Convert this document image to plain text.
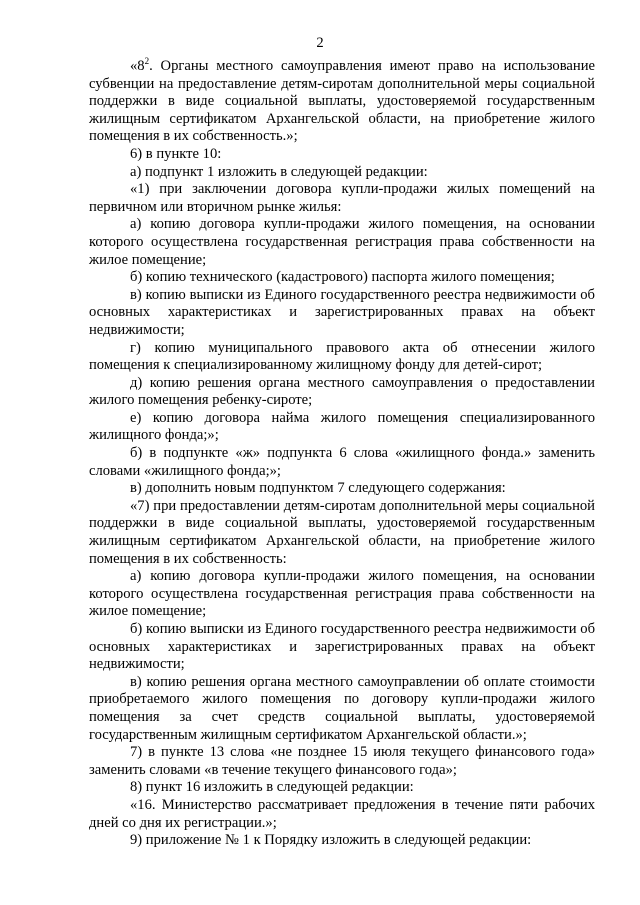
2

«$8^2$. Органы местного самоуправления имеют право на использование субвенции на предоставление детям-сиротам дополнительной меры социальной поддержки в виде социальной выплаты, удостоверяемой государственным жилищным сертификатом Архангельской области, на приобретение жилого помещения в их собственность.»;

6) в пункте 10:

а) подпункт 1 изложить в следующей редакции:

«1) при заключении договора купли-продажи жилых помещений на первичном или вторичном рынке жилья:

а) копию договора купли-продажи жилого помещения, на основании которого осуществлена государственная регистрация права собственности на жилое помещение;

б) копию технического (кадастрового) паспорта жилого помещения;

в) копию выписки из Единого государственного реестра недвижимости об основных характеристиках и зарегистрированных правах на объект недвижимости;

г) копию муниципального правового акта об отнесении жилого помещения к специализированному жилищному фонду для детей-сирот;

д) копию решения органа местного самоуправления о предоставлении жилого помещения ребенку-сироте;

е) копию договора найма жилого помещения специализированного жилищного фонда;»;

б) в подпункте «ж» подпункта 6 слова «жилищного фонда.» заменить словами «жилищного фонда;»;

в) дополнить новым подпунктом 7 следующего содержания:

«7) при предоставлении детям-сиротам дополнительной меры социальной поддержки в виде социальной выплаты, удостоверяемой государственным жилищным сертификатом Архангельской области, на приобретение жилого помещения в их собственность:

а) копию договора купли-продажи жилого помещения, на основании которого осуществлена государственная регистрация права собственности на жилое помещение;

б) копию выписки из Единого государственного реестра недвижимости об основных характеристиках и зарегистрированных правах на объект недвижимости;

в) копию решения органа местного самоуправлении об оплате стоимости приобретаемого жилого помещения по договору купли-продажи жилого помещения за счет средств социальной выплаты, удостоверяемой государственным жилищным сертификатом Архангельской области.»;

7) в пункте 13 слова «не позднее 15 июля текущего финансового года» заменить словами «в течение текущего финансового года»;

8) пункт 16 изложить в следующей редакции:

«16. Министерство рассматривает предложения в течение пяти рабочих дней со дня их регистрации.»;

9) приложение № 1 к Порядку изложить в следующей редакции:
